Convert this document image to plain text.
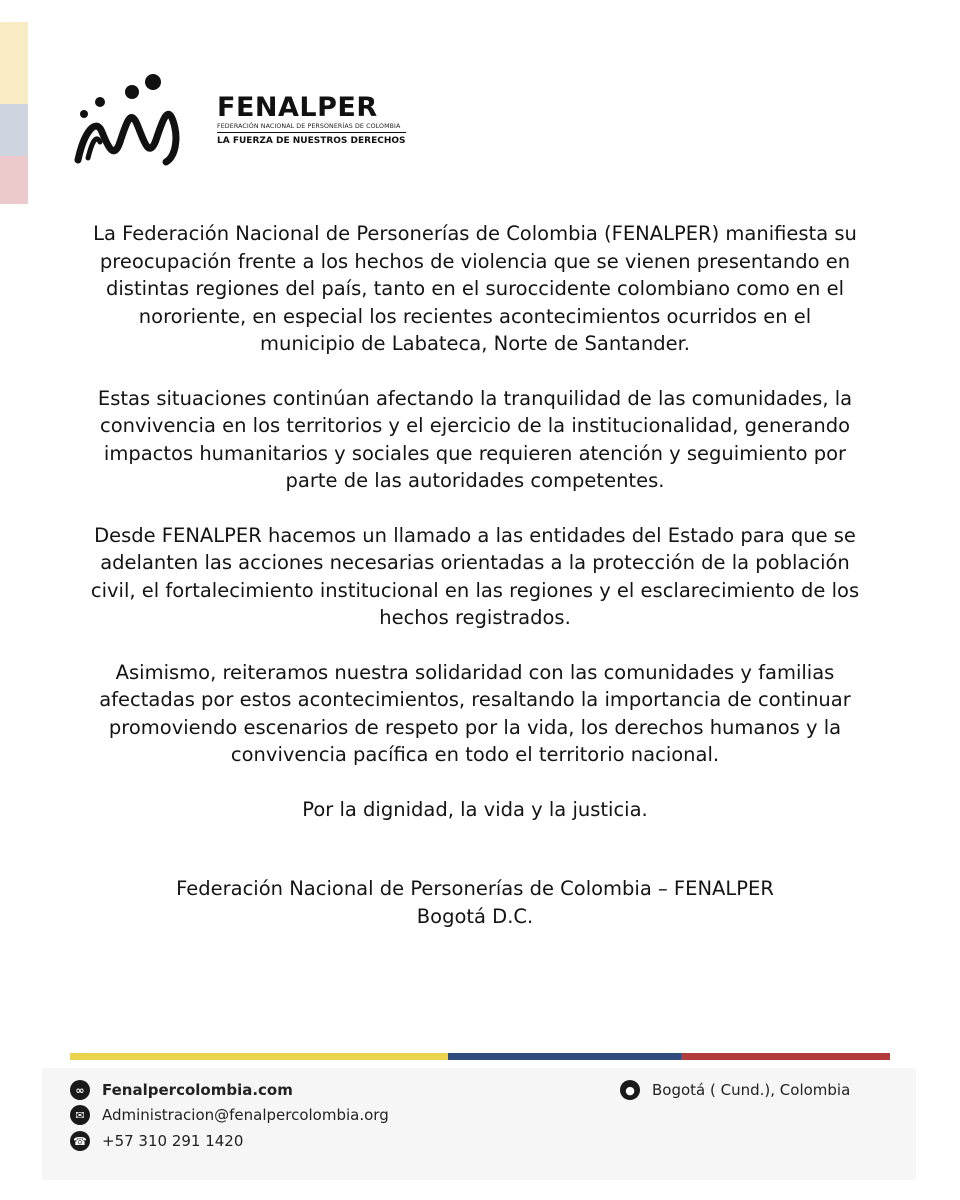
FENALPER
FEDERACIÓN NACIONAL DE PERSONERÍAS DE COLOMBIA
LA FUERZA DE NUESTROS DERECHOS

La Federación Nacional de Personerías de Colombia (FENALPER) manifiesta su preocupación frente a los hechos de violencia que se vienen presentando en distintas regiones del país, tanto en el suroccidente colombiano como en el nororiente, en especial los recientes acontecimientos ocurridos en el municipio de Labateca, Norte de Santander.

Estas situaciones continúan afectando la tranquilidad de las comunidades, la convivencia en los territorios y el ejercicio de la institucionalidad, generando impactos humanitarios y sociales que requieren atención y seguimiento por parte de las autoridades competentes.

Desde FENALPER hacemos un llamado a las entidades del Estado para que se adelanten las acciones necesarias orientadas a la protección de la población civil, el fortalecimiento institucional en las regiones y el esclarecimiento de los hechos registrados.

Asimismo, reiteramos nuestra solidaridad con las comunidades y familias afectadas por estos acontecimientos, resaltando la importancia de continuar promoviendo escenarios de respeto por la vida, los derechos humanos y la convivencia pacífica en todo el territorio nacional.

Por la dignidad, la vida y la justicia.

Federación Nacional de Personerías de Colombia – FENALPER

Bogotá D.C.

∞	Fenalpercolombia.com
✉	Administracion@fenalpercolombia.org
☎ +57 310 291 1420
●	Bogotá ( Cund.), Colombia
